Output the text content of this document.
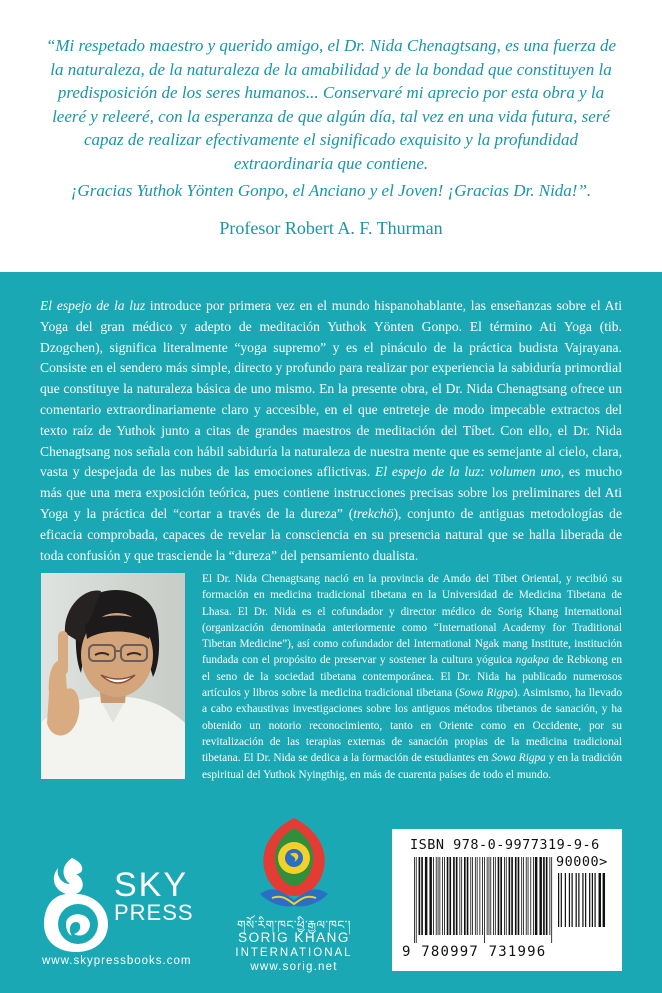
“Mi respetado maestro y querido amigo, el Dr. Nida Chenagtsang, es una fuerza de la naturaleza, de la naturaleza de la amabilidad y de la bondad que constituyen la predisposición de los seres humanos... Conservaré mi aprecio por esta obra y la leeré y releeré, con la esperanza de que algún día, tal vez en una vida futura, seré capaz de realizar efectivamente el significado exquisito y la profundidad extraordinaria que contiene.

¡Gracias Yuthok Yönten Gonpo, el Anciano y el Joven! ¡Gracias Dr. Nida!”.

Profesor Robert A. F. Thurman

El espejo de la luz introduce por primera vez en el mundo hispanohablante, las enseñanzas sobre el Ati Yoga del gran médico y adepto de meditación Yuthok Yönten Gonpo. El término Ati Yoga (tib. Dzogchen), significa literalmente “yoga supremo” y es el pináculo de la práctica budista Vajrayana. Consiste en el sendero más simple, directo y profundo para realizar por experiencia la sabiduría primordial que constituye la naturaleza básica de uno mismo. En la presente obra, el Dr. Nida Chenagtsang ofrece un comentario extraordinariamente claro y accesible, en el que entreteje de modo impecable extractos del texto raíz de Yuthok junto a citas de grandes maestros de meditación del Tíbet. Con ello, el Dr. Nida Chenagtsang nos señala con hábil sabiduría la naturaleza de nuestra mente que es semejante al cielo, clara, vasta y despejada de las nubes de las emociones aflictivas. El espejo de la luz: volumen uno, es mucho más que una mera exposición teórica, pues contiene instrucciones precisas sobre los preliminares del Ati Yoga y la práctica del “cortar a través de la dureza” (trekchö), conjunto de antiguas metodologías de eficacia comprobada, capaces de revelar la consciencia en su presencia natural que se halla liberada de toda confusión y que trasciende la “dureza” del pensamiento dualista.

El Dr. Nida Chenagtsang nació en la provincia de Amdo del Tíbet Oriental, y recibió su formación en medicina tradicional tibetana en la Universidad de Medicina Tibetana de Lhasa. El Dr. Nida es el cofundador y director médico de Sorig Khang International (organización denominada anteriormente como “International Academy for Traditional Tibetan Medicine”), así como cofundador del International Ngak mang Institute, institución fundada con el propósito de preservar y sostener la cultura yóguica ngakpa de Rebkong en el seno de la sociedad tibetana contemporánea. El Dr. Nida ha publicado numerosos artículos y libros sobre la medicina tradicional tibetana (Sowa Rigpa). Asimismo, ha llevado a cabo exhaustivas investigaciones sobre los antiguos métodos tibetanos de sanación, y ha obtenido un notorio reconocimiento, tanto en Oriente como en Occidente, por su revitalización de las terapias externas de sanación propias de la medicina tradicional tibetana. El Dr. Nida se dedica a la formación de estudiantes en Sowa Rigpa y en la tradición espiritual del Yuthok Nyingthig, en más de cuarenta países de todo el mundo.

SKY
PRESS
www.skypressbooks.com
གསོ་རིག་ཁང་ཕྱི་རྒྱལ་ཁང་།
SORIG KHANG
INTERNATIONAL
www.sorig.net
ISBN 978-0-9977319-9-6
90000>
9 780997 731996
